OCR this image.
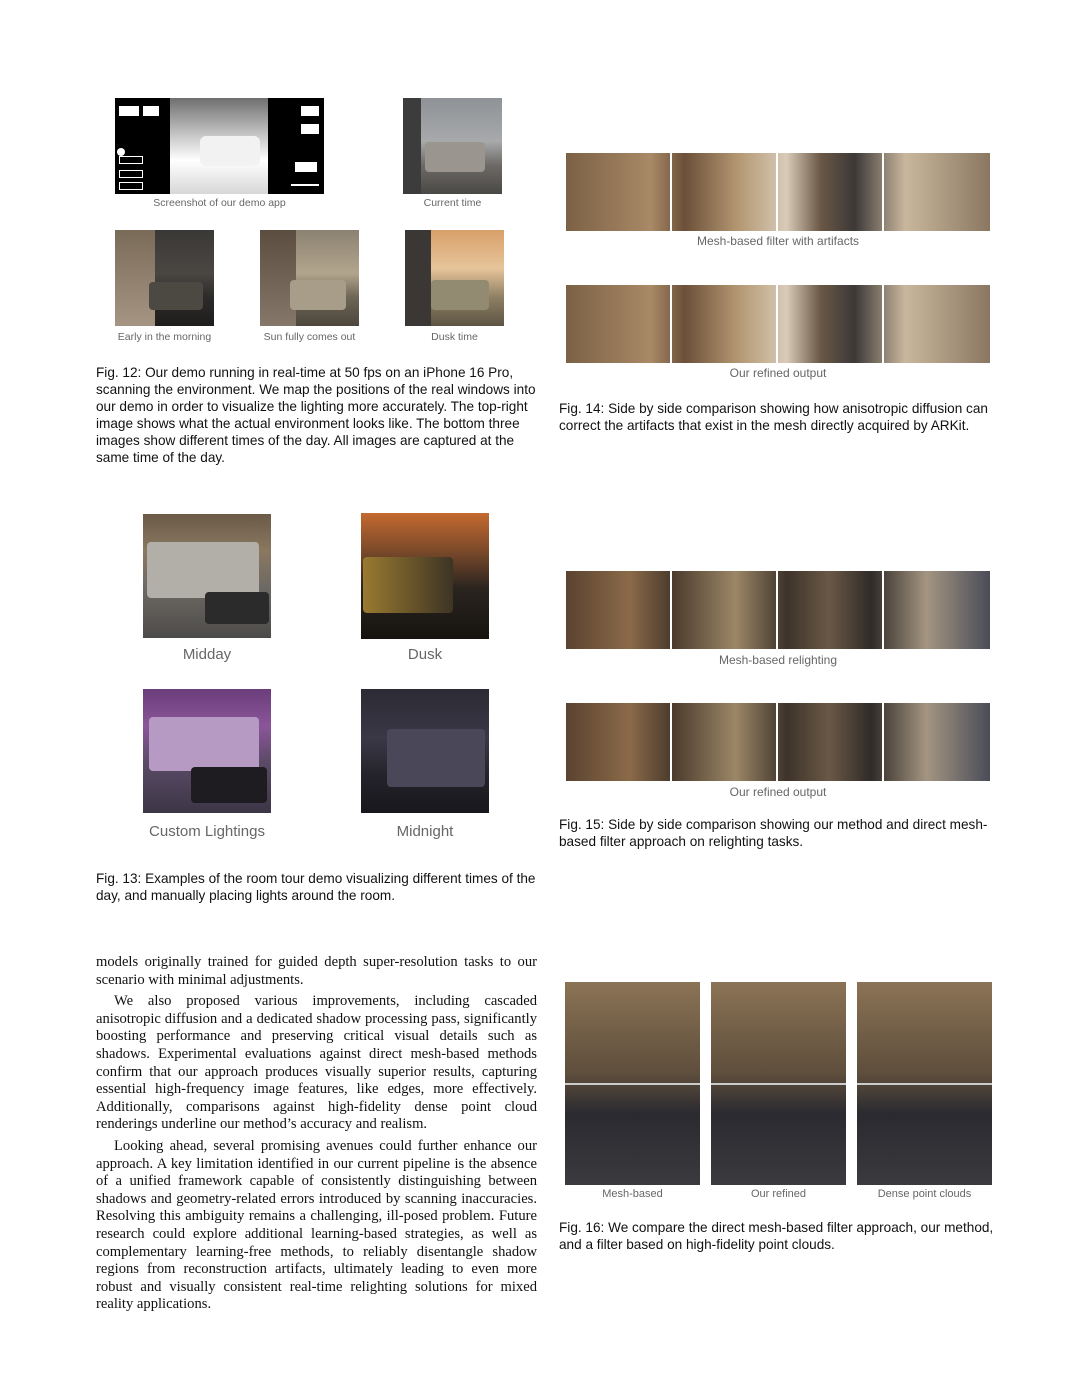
Screenshot of our demo app	Current time
Early in the morning	Sun fully comes out	Dusk time
Fig. 12: Our demo running in real-time at 50 fps on an iPhone 16 Pro, scanning the environment. We map the positions of the real windows into our demo in order to visualize the lighting more accurately. The top-right image shows what the actual environment looks like. The bottom three images show different times of the day. All images are captured at the same time of the day.
Midday	Dusk
Custom Lightings	Midnight
Fig. 13: Examples of the room tour demo visualizing different times of the day, and manually placing lights around the room.

models originally trained for guided depth super-resolution tasks to our scenario with minimal adjustments.

We also proposed various improvements, including cascaded anisotropic diffusion and a dedicated shadow processing pass, significantly boosting performance and preserving critical visual details such as shadows. Experimental evaluations against direct mesh-based methods confirm that our approach produces visually superior results, capturing essential high-frequency image features, like edges, more effectively. Additionally, comparisons against high-fidelity dense point cloud renderings underline our method’s accuracy and realism.

Looking ahead, several promising avenues could further enhance our approach. A key limitation identified in our current pipeline is the absence of a unified framework capable of consistently distinguishing between shadows and geometry-related errors introduced by scanning inaccuracies. Resolving this ambiguity remains a challenging, ill-posed problem. Future research could explore additional learning-based strategies, as well as complementary learning-free methods, to reliably disentangle shadow regions from reconstruction artifacts, ultimately leading to even more robust and visually consistent real-time relighting solutions for mixed reality applications.

Mesh-based filter with artifacts
Our refined output
Fig. 14: Side by side comparison showing how anisotropic diffusion can correct the artifacts that exist in the mesh directly acquired by ARKit.
Mesh-based relighting
Our refined output
Fig. 15: Side by side comparison showing our method and direct mesh-based filter approach on relighting tasks.
Mesh-based	Our refined	Dense point clouds
Fig. 16: We compare the direct mesh-based filter approach, our method, and a filter based on high-fidelity point clouds.
